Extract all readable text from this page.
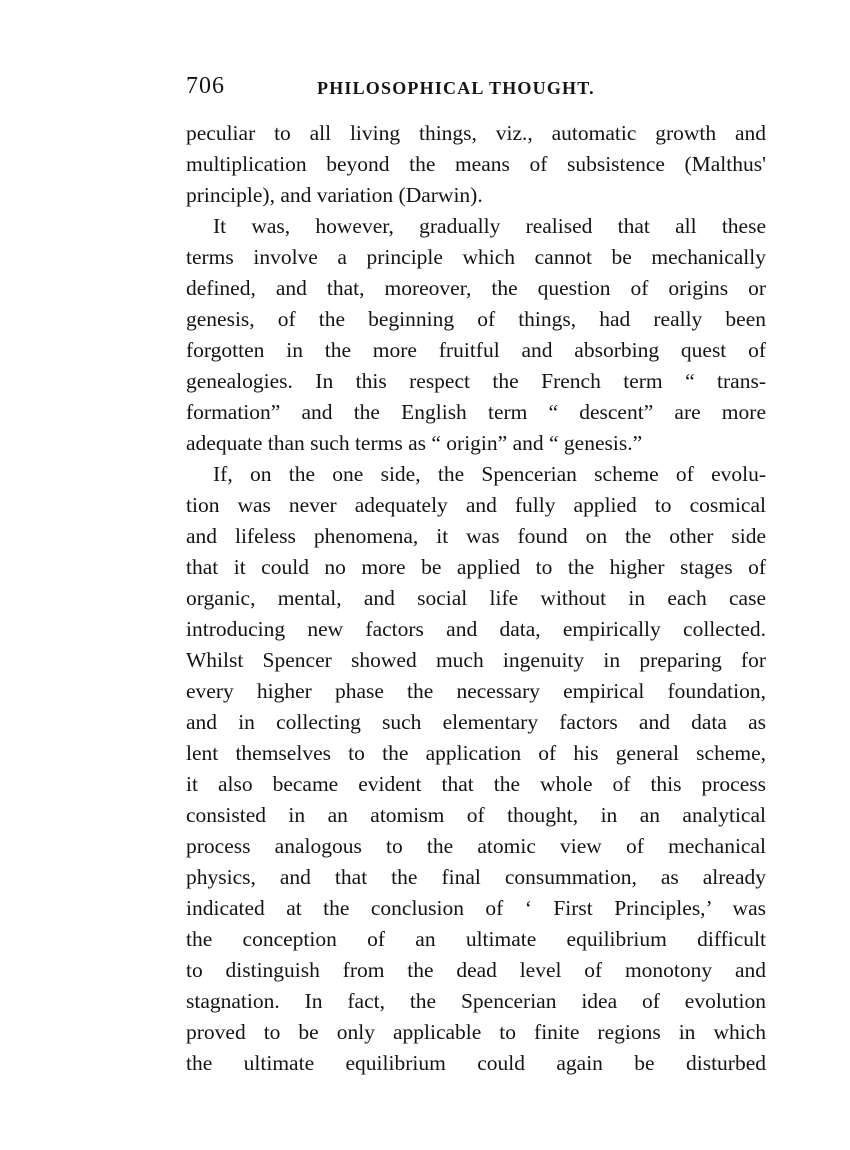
706	PHILOSOPHICAL THOUGHT.
peculiar to all living things, viz., automatic growth and
multiplication beyond the means of subsistence (Malthus'
principle), and variation (Darwin).
It was, however, gradually realised that all these
terms involve a principle which cannot be mechanically
defined, and that, moreover, the question of origins or
genesis, of the beginning of things, had really been
forgotten in the more fruitful and absorbing quest of
genealogies. In this respect the French term “ trans-
formation” and the English term “ descent” are more
adequate than such terms as “ origin” and “ genesis.”
If, on the one side, the Spencerian scheme of evolu-
tion was never adequately and fully applied to cosmical
and lifeless phenomena, it was found on the other side
that it could no more be applied to the higher stages of
organic, mental, and social life without in each case
introducing new factors and data, empirically collected.
Whilst Spencer showed much ingenuity in preparing for
every higher phase the necessary empirical foundation,
and in collecting such elementary factors and data as
lent themselves to the application of his general scheme,
it also became evident that the whole of this process
consisted in an atomism of thought, in an analytical
process analogous to the atomic view of mechanical
physics, and that the final consummation, as already
indicated at the conclusion of ‘ First Principles,’ was
the conception of an ultimate equilibrium difficult
to distinguish from the dead level of monotony and
stagnation. In fact, the Spencerian idea of evolution
proved to be only applicable to finite regions in which
the ultimate equilibrium could again be disturbed
